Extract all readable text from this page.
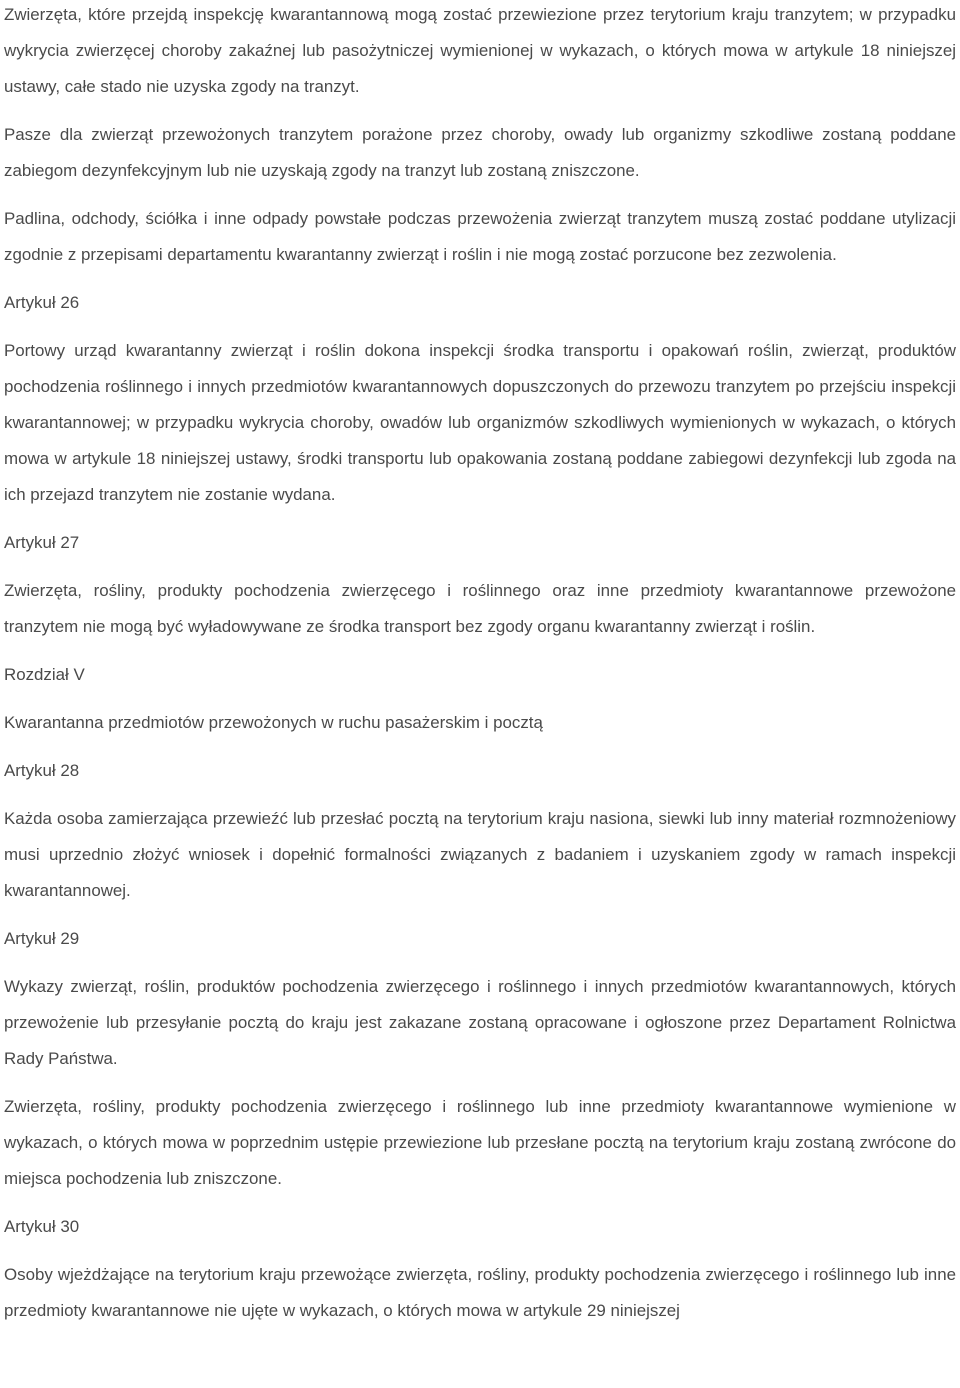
Zwierzęta, które przejdą inspekcję kwarantannową mogą zostać przewiezione przez terytorium kraju tranzytem; w przypadku wykrycia zwierzęcej choroby zakaźnej lub pasożytniczej wymienionej w wykazach, o których mowa w artykule 18 niniejszej ustawy, całe stado nie uzyska zgody na tranzyt.

Pasze dla zwierząt przewożonych tranzytem porażone przez choroby, owady lub organizmy szkodliwe zostaną poddane zabiegom dezynfekcyjnym lub nie uzyskają zgody na tranzyt lub zostaną zniszczone.

Padlina, odchody, ściółka i inne odpady powstałe podczas przewożenia zwierząt tranzytem muszą zostać poddane utylizacji zgodnie z przepisami departamentu kwarantanny zwierząt i roślin i nie mogą zostać porzucone bez zezwolenia.

Artykuł 26

Portowy urząd kwarantanny zwierząt i roślin dokona inspekcji środka transportu i opakowań roślin, zwierząt, produktów pochodzenia roślinnego i innych przedmiotów kwarantannowych dopuszczonych do przewozu tranzytem po przejściu inspekcji kwarantannowej; w przypadku wykrycia choroby, owadów lub organizmów szkodliwych wymienionych w wykazach, o których mowa w artykule 18 niniejszej ustawy, środki transportu lub opakowania zostaną poddane zabiegowi dezynfekcji lub zgoda na ich przejazd tranzytem nie zostanie wydana.

Artykuł 27

Zwierzęta, rośliny, produkty pochodzenia zwierzęcego i roślinnego oraz inne przedmioty kwarantannowe przewożone tranzytem nie mogą być wyładowywane ze środka transport bez zgody organu kwarantanny zwierząt i roślin.

Rozdział V

Kwarantanna przedmiotów przewożonych w ruchu pasażerskim i pocztą

Artykuł 28

Każda osoba zamierzająca przewieźć lub przesłać pocztą na terytorium kraju nasiona, siewki lub inny materiał rozmnożeniowy musi uprzednio złożyć wniosek i dopełnić formalności związanych z badaniem i uzyskaniem zgody w ramach inspekcji kwarantannowej.

Artykuł 29

Wykazy zwierząt, roślin, produktów pochodzenia zwierzęcego i roślinnego i innych przedmiotów kwarantannowych, których przewożenie lub przesyłanie pocztą do kraju jest zakazane zostaną opracowane i ogłoszone przez Departament Rolnictwa Rady Państwa.

Zwierzęta, rośliny, produkty pochodzenia zwierzęcego i roślinnego lub inne przedmioty kwarantannowe wymienione w wykazach, o których mowa w poprzednim ustępie przewiezione lub przesłane pocztą na terytorium kraju zostaną zwrócone do miejsca pochodzenia lub zniszczone.

Artykuł 30

Osoby wjeżdżające na terytorium kraju przewożące zwierzęta, rośliny, produkty pochodzenia zwierzęcego i roślinnego lub inne przedmioty kwarantannowe nie ujęte w wykazach, o których mowa w artykule 29 niniejszej
